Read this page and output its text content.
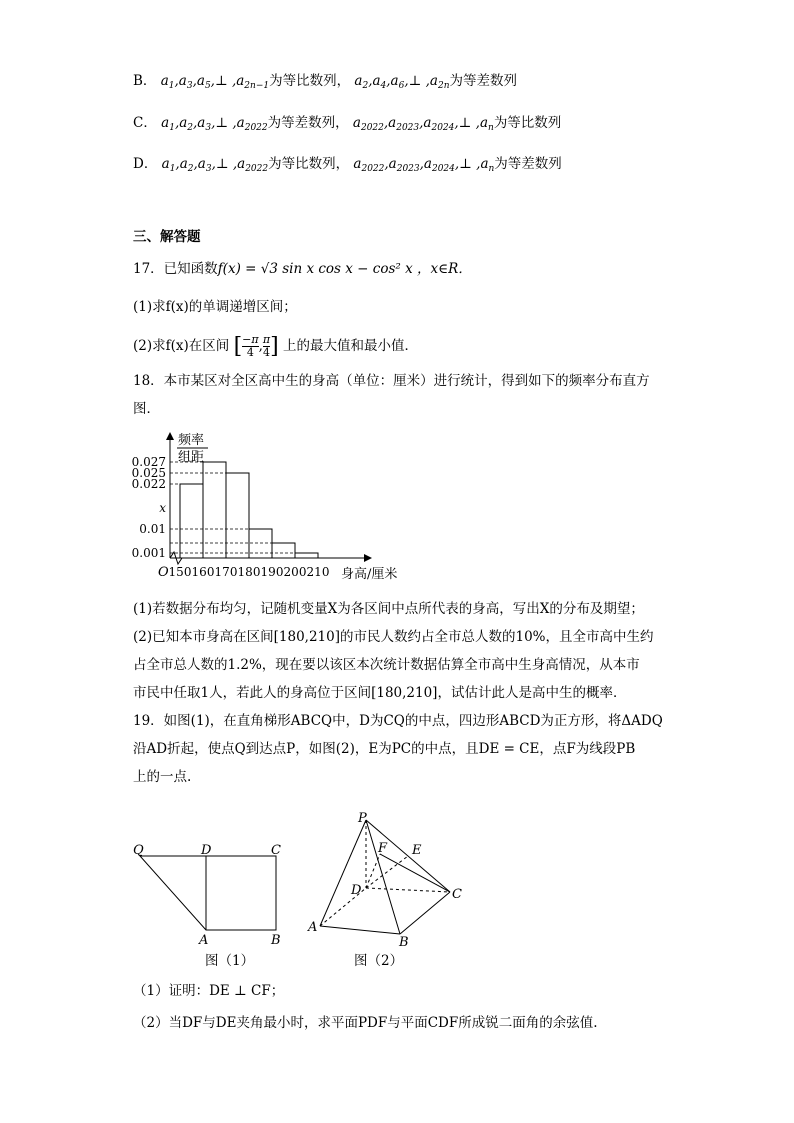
B． $a_1,a_3,a_5,\perp$ $,a_{2n-1}$为等比数列， $a_2,a_4,a_6,\perp$ $,a_{2n}$为等差数列
C． $a_1,a_2,a_3,\perp$ $,a_{2022}$为等差数列， $a_{2022},a_{2023},a_{2024},\perp$ $,a_n$为等比数列
D． $a_1,a_2,a_3,\perp$ $,a_{2022}$为等比数列， $a_{2022},a_{2023},a_{2024},\perp$ $,a_n$为等差数列
三、解答题
17．已知函数f(x) = √3 sin x cos x − cos² x ，x∈R．
(1)求f(x)的单调递增区间；
(2)求f(x)在区间 [ $\frac{-\pi}{4}$ , $\frac{\pi}{4}$ ] 上的最大值和最小值．
18．本市某区对全区高中生的身高（单位：厘米）进行统计，得到如下的频率分布直方
图．
频率
组距
O	身高/厘米
0.027
0.025
0.022
x
0.01
0.001
150 160 170 180 190 200 210
(1)若数据分布均匀，记随机变量X为各区间中点所代表的身高，写出X的分布及期望；
(2)已知本市身高在区间[180,210]的市民人数约占全市总人数的10%，且全市高中生约
占全市总人数的1.2%，现在要以该区本次统计数据估算全市高中生身高情况，从本市
市民中任取1人，若此人的身高位于区间[180,210]，试估计此人是高中生的概率．
19．如图(1)，在直角梯形ABCQ中，D为CQ的中点，四边形ABCD为正方形，将ΔADQ
沿AD折起，使点Q到达点P，如图(2)，E为PC的中点，且DE = CE，点F为线段PB
上的一点.
Q	D	C
A	B
图（1）
P
E
F
D	C
A
B
图（2）
（1）证明：DE ⊥ CF；
（2）当DF与DE夹角最小时，求平面PDF与平面CDF所成锐二面角的余弦值.
